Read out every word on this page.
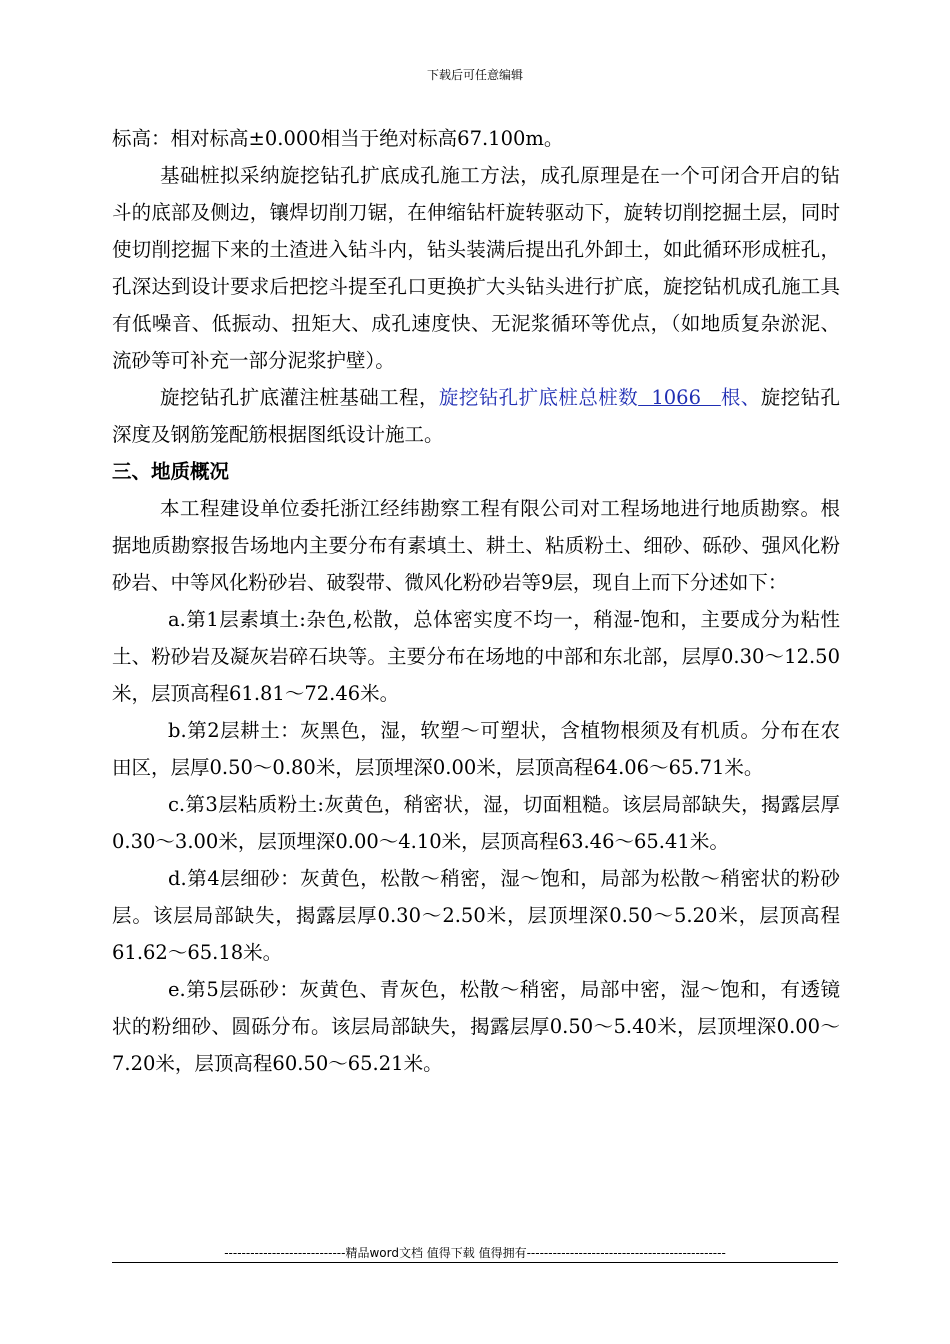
下载后可任意编辑

标高：相对标高±0.000相当于绝对标高67.100m。

基础桩拟采纳旋挖钻孔扩底成孔施工方法，成孔原理是在一个可闭合开启的钻斗的底部及侧边，镶焊切削刀锯，在伸缩钻杆旋转驱动下，旋转切削挖掘土层，同时使切削挖掘下来的土渣进入钻斗内，钻头装满后提出孔外卸土，如此循环形成桩孔，孔深达到设计要求后把挖斗提至孔口更换扩大头钻头进行扩底，旋挖钻机成孔施工具有低噪音、低振动、扭矩大、成孔速度快、无泥浆循环等优点，（如地质复杂淤泥、流砂等可补充一部分泥浆护壁）。

旋挖钻孔扩底灌注桩基础工程，旋挖钻孔扩底桩总桩数  1066   根、旋挖钻孔深度及钢筋笼配筋根据图纸设计施工。

三、地质概况

本工程建设单位委托浙江经纬勘察工程有限公司对工程场地进行地质勘察。根据地质勘察报告场地内主要分布有素填土、耕土、粘质粉土、细砂、砾砂、强风化粉砂岩、中等风化粉砂岩、破裂带、微风化粉砂岩等9层，现自上而下分述如下：

a.第1层素填土:杂色,松散，总体密实度不均一，稍湿-饱和，主要成分为粘性土、粉砂岩及凝灰岩碎石块等。主要分布在场地的中部和东北部，层厚0.30～12.50米，层顶高程61.81～72.46米。

b.第2层耕土：灰黑色，湿，软塑～可塑状，含植物根须及有机质。分布在农田区，层厚0.50～0.80米，层顶埋深0.00米，层顶高程64.06～65.71米。

c.第3层粘质粉土:灰黄色，稍密状，湿，切面粗糙。该层局部缺失，揭露层厚0.30～3.00米，层顶埋深0.00～4.10米，层顶高程63.46～65.41米。

d.第4层细砂：灰黄色，松散～稍密，湿～饱和，局部为松散～稍密状的粉砂层。该层局部缺失，揭露层厚0.30～2.50米，层顶埋深0.50～5.20米，层顶高程61.62～65.18米。

e.第5层砾砂：灰黄色、青灰色，松散～稍密，局部中密，湿～饱和，有透镜状的粉细砂、圆砾分布。该层局部缺失，揭露层厚0.50～5.40米，层顶埋深0.00～7.20米，层顶高程60.50～65.21米。

----------------------------精品word文档 值得下载 值得拥有----------------------------------------------
